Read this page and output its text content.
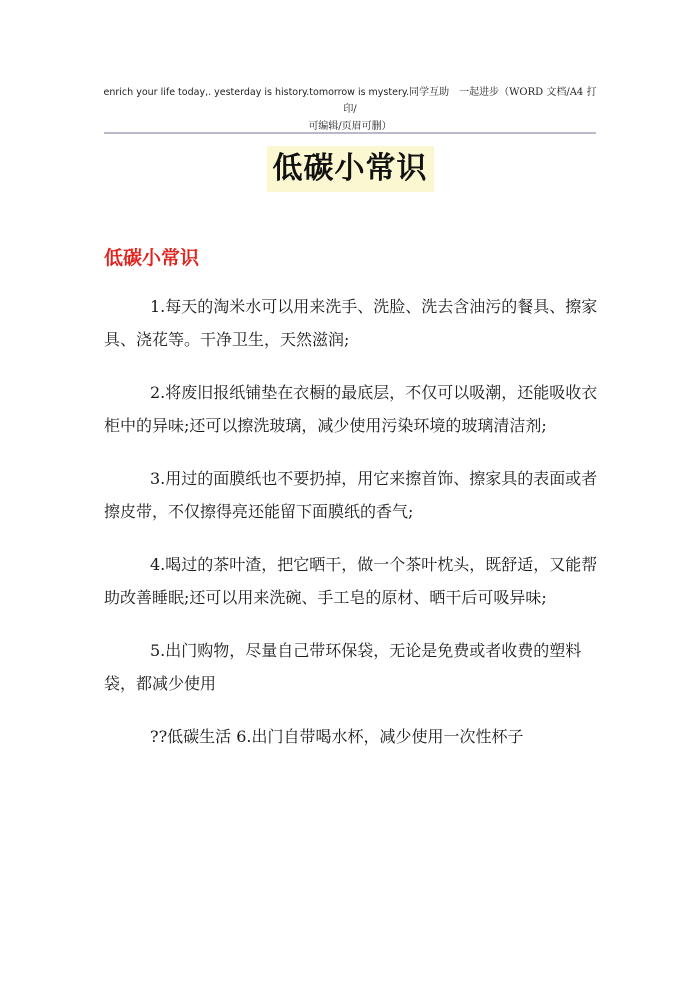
enrich your life today,. yesterday is history.tomorrow is mystery.同学互助　一起进步（WORD 文档/A4 打印/
可编辑/页眉可删）
低碳小常识
低碳小常识

1.每天的淘米水可以用来洗手、洗脸、洗去含油污的餐具、擦家具、浇花等。干净卫生，天然滋润;

2.将废旧报纸铺垫在衣橱的最底层，不仅可以吸潮，还能吸收衣柜中的异味;还可以擦洗玻璃，减少使用污染环境的玻璃清洁剂;

3.用过的面膜纸也不要扔掉，用它来擦首饰、擦家具的表面或者擦皮带，不仅擦得亮还能留下面膜纸的香气;

4.喝过的茶叶渣，把它晒干，做一个茶叶枕头，既舒适，又能帮助改善睡眠;还可以用来洗碗、手工皂的原材、晒干后可吸异味;

5.出门购物，尽量自己带环保袋，无论是免费或者收费的塑料袋，都减少使用

??低碳生活 6.出门自带喝水杯，减少使用一次性杯子
